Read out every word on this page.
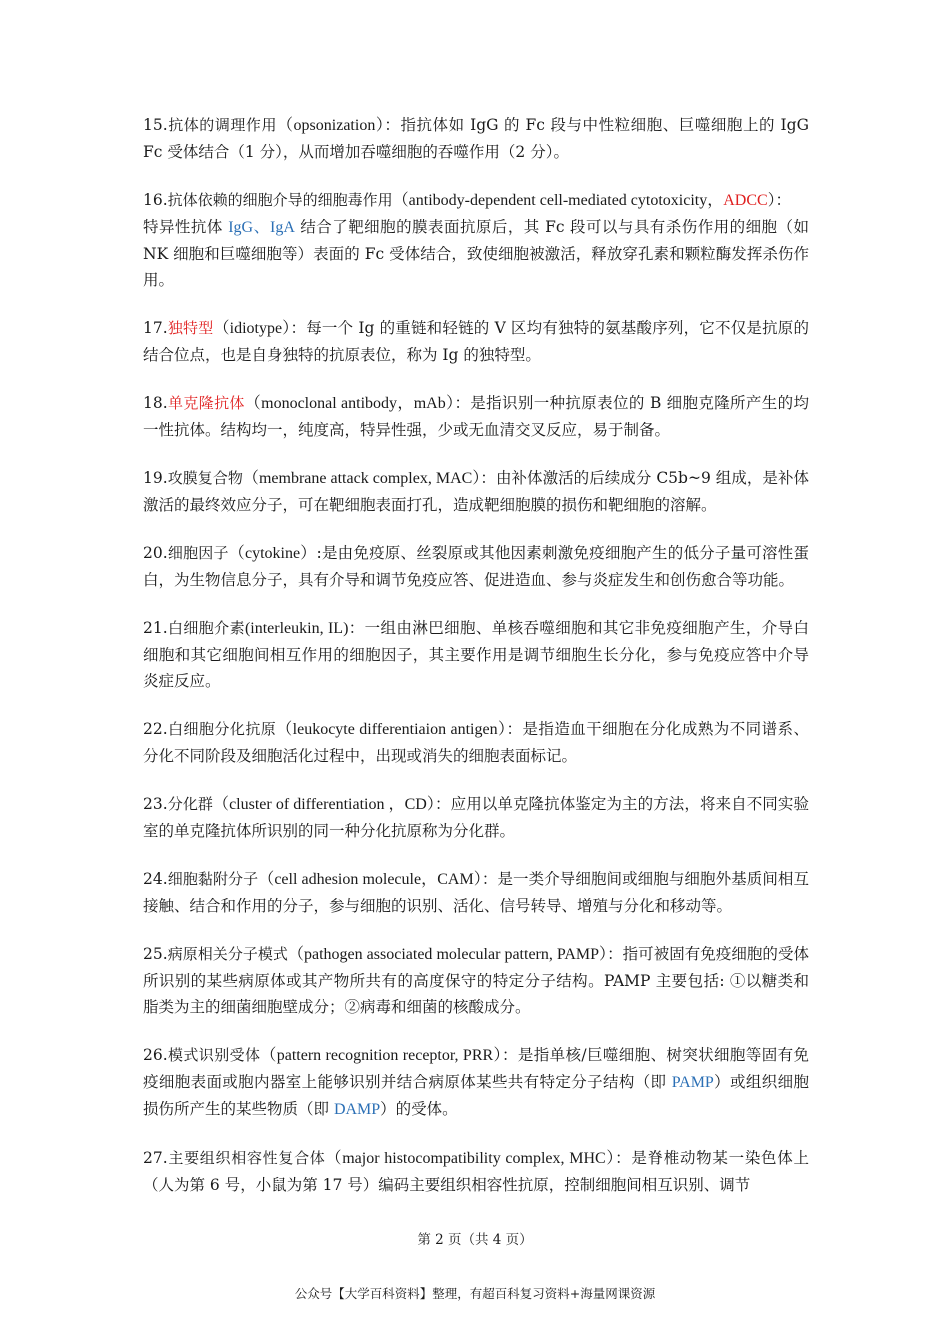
15.抗体的调理作用（opsonization）：指抗体如 IgG 的 Fc 段与中性粒细胞、巨噬细胞上的 IgG Fc 受体结合（1 分），从而增加吞噬细胞的吞噬作用（2 分）。

16.抗体依赖的细胞介导的细胞毒作用（antibody-dependent cell-mediated cytotoxicity，ADCC）：
特异性抗体 IgG、IgA 结合了靶细胞的膜表面抗原后，其 Fc 段可以与具有杀伤作用的细胞（如 NK 细胞和巨噬细胞等）表面的 Fc 受体结合，致使细胞被激活，释放穿孔素和颗粒酶发挥杀伤作用。

17.独特型（idiotype）：每一个 Ig 的重链和轻链的 V 区均有独特的氨基酸序列，它不仅是抗原的结合位点，也是自身独特的抗原表位，称为 Ig 的独特型。

18.单克隆抗体（monoclonal antibody，mAb）：是指识别一种抗原表位的 B 细胞克隆所产生的均一性抗体。结构均一，纯度高，特异性强，少或无血清交叉反应，易于制备。

19.攻膜复合物（membrane attack complex, MAC）：由补体激活的后续成分 C5b~9 组成，是补体激活的最终效应分子，可在靶细胞表面打孔，造成靶细胞膜的损伤和靶细胞的溶解。

20.细胞因子（cytokine）:是由免疫原、丝裂原或其他因素刺激免疫细胞产生的低分子量可溶性蛋白，为生物信息分子，具有介导和调节免疫应答、促进造血、参与炎症发生和创伤愈合等功能。

21.白细胞介素(interleukin, IL)：一组由淋巴细胞、单核吞噬细胞和其它非免疫细胞产生，介导白细胞和其它细胞间相互作用的细胞因子，其主要作用是调节细胞生长分化，参与免疫应答中介导炎症反应。

22.白细胞分化抗原（leukocyte differentiaion antigen）：是指造血干细胞在分化成熟为不同谱系、分化不同阶段及细胞活化过程中，出现或消失的细胞表面标记。

23.分化群（cluster of differentiation ，CD）：应用以单克隆抗体鉴定为主的方法，将来自不同实验室的单克隆抗体所识别的同一种分化抗原称为分化群。

24.细胞黏附分子（cell adhesion molecule，CAM）：是一类介导细胞间或细胞与细胞外基质间相互接触、结合和作用的分子，参与细胞的识别、活化、信号转导、增殖与分化和移动等。

25.病原相关分子模式（pathogen associated molecular pattern, PAMP）：指可被固有免疫细胞的受体所识别的某些病原体或其产物所共有的高度保守的特定分子结构。PAMP 主要包括: ①以糖类和脂类为主的细菌细胞壁成分；②病毒和细菌的核酸成分。

26.模式识别受体（pattern recognition receptor, PRR）：是指单核/巨噬细胞、树突状细胞等固有免疫细胞表面或胞内器室上能够识别并结合病原体某些共有特定分子结构（即 PAMP）或组织细胞损伤所产生的某些物质（即 DAMP）的受体。

27.主要组织相容性复合体（major histocompatibility complex, MHC）：是脊椎动物某一染色体上（人为第 6 号，小鼠为第 17 号）编码主要组织相容性抗原，控制细胞间相互识别、调节

第 2 页（共 4 页）
公众号【大学百科资料】整理，有超百科复习资料+海量网课资源
